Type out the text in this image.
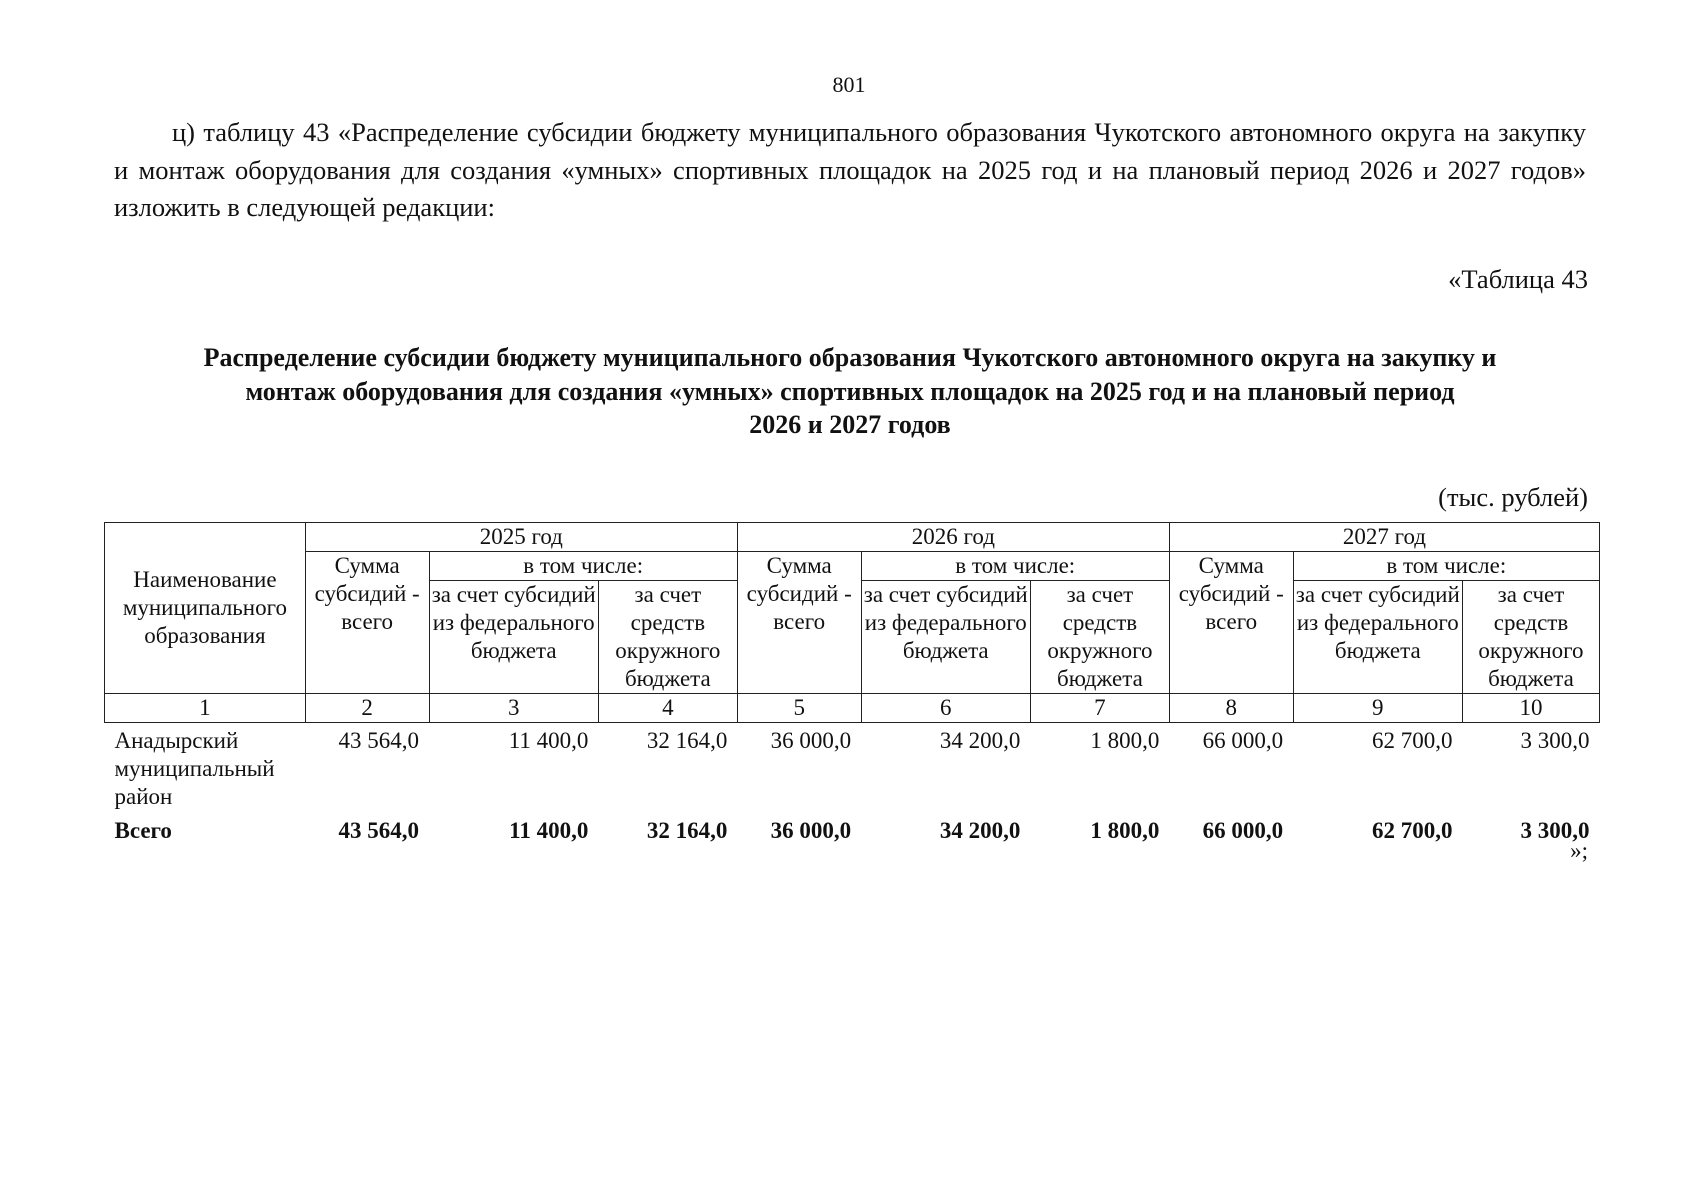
801

ц) таблицу 43 «Распределение субсидии бюджету муниципального образования Чукотского автономного округа на закупку и монтаж оборудования для создания «умных» спортивных площадок на 2025 год и на плановый период 2026 и 2027 годов» изложить в следующей редакции:

«Таблица 43
Распределение субсидии бюджету муниципального образования Чукотского автономного округа на закупку и
монтаж оборудования для создания «умных» спортивных площадок на 2025 год и на плановый период
2026 и 2027 годов
(тыс. рублей)
Наименование муниципального образования	2025 год			2026 год			2027 год		
	Сумма субсидий - всего	в том числе:		Сумма субсидий - всего	в том числе:		Сумма субсидий - всего	в том числе:	
		за счет субсидий из федерального бюджета	за счет средств окружного бюджета		за счет субсидий из федерального бюджета	за счет средств окружного бюджета		за счет субсидий из федерального бюджета	за счет средств окружного бюджета
1	2	3	4	5	6	7	8	9	10
Анадырский муниципальный район	43 564,0	11 400,0	32 164,0	36 000,0	34 200,0	1 800,0	66 000,0	62 700,0	3 300,0
Всего	43 564,0	11 400,0	32 164,0	36 000,0	34 200,0	1 800,0	66 000,0	62 700,0	3 300,0
»;
